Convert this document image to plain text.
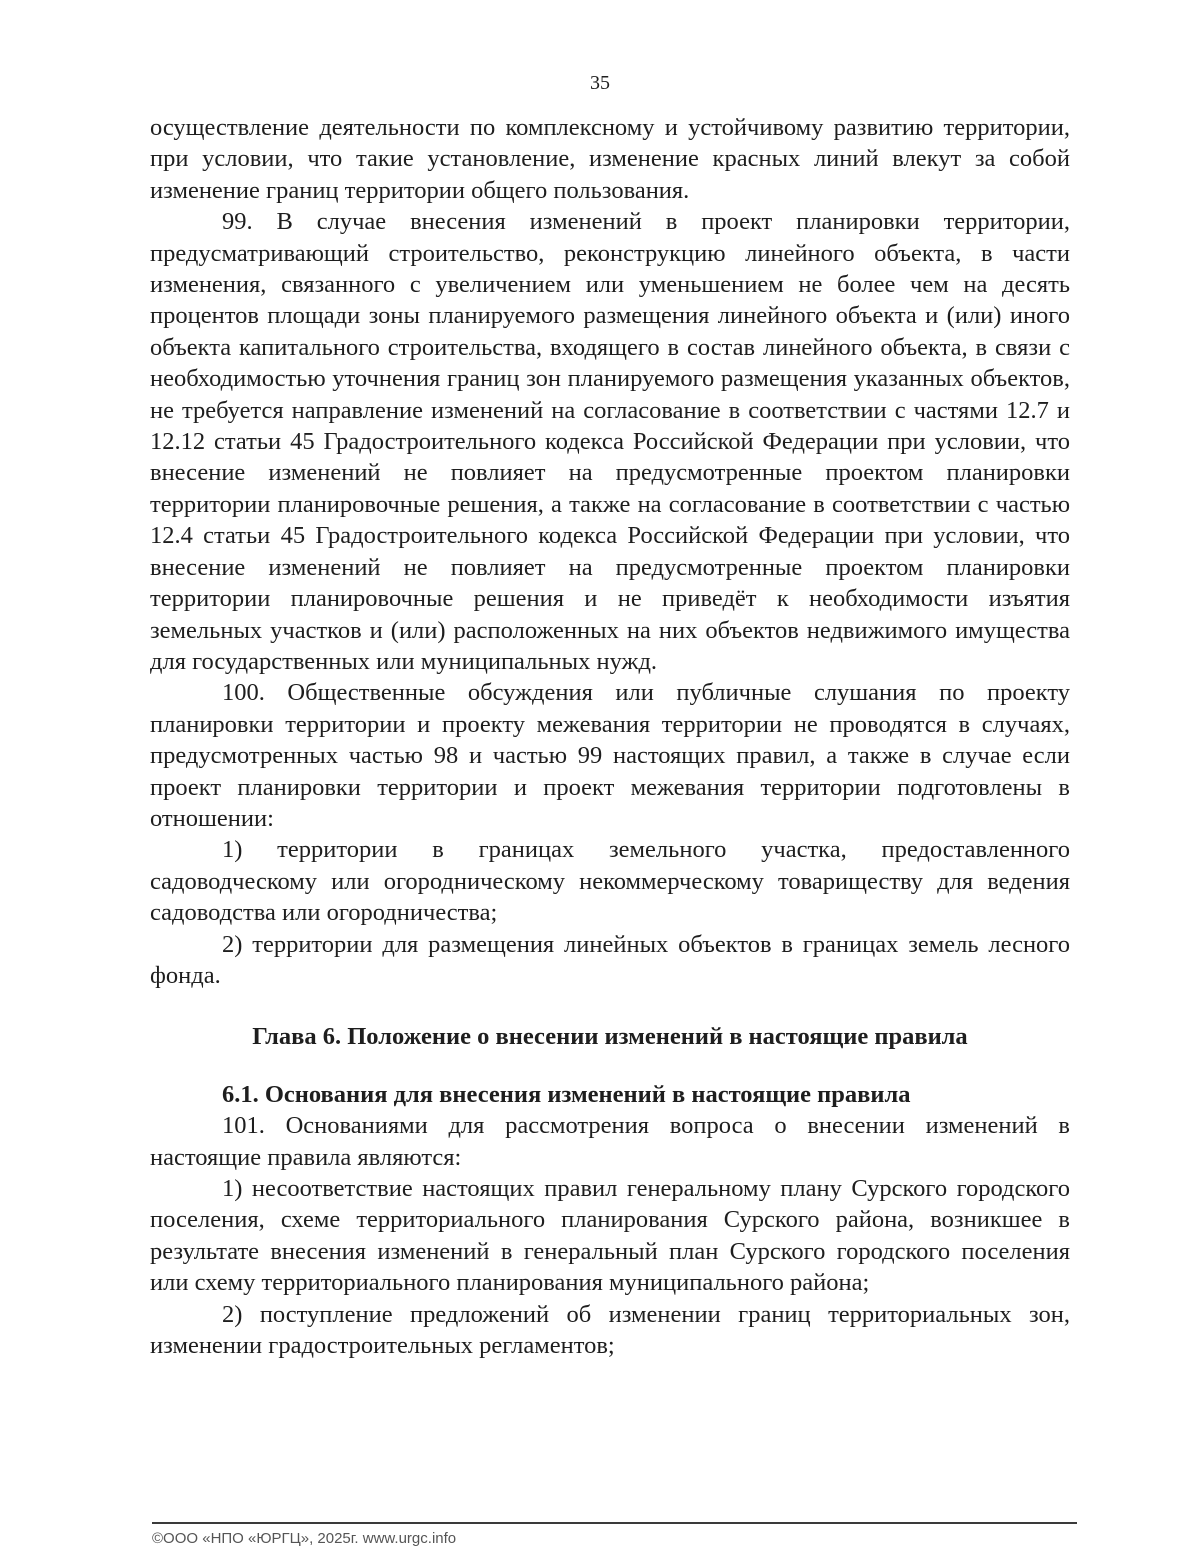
35

осуществление деятельности по комплексному и устойчивому развитию территории, при условии, что такие установление, изменение красных линий влекут за собой изменение границ территории общего пользования.

99. В случае внесения изменений в проект планировки территории, предусматривающий строительство, реконструкцию линейного объекта, в части изменения, связанного с увеличением или уменьшением не более чем на десять процентов площади зоны планируемого размещения линейного объекта и (или) иного объекта капитального строительства, входящего в состав линейного объекта, в связи с необходимостью уточнения границ зон планируемого размещения указанных объектов, не требуется направление изменений на согласование в соответствии с частями 12.7 и 12.12 статьи 45 Градостроительного кодекса Российской Федерации при условии, что внесение изменений не повлияет на предусмотренные проектом планировки территории планировочные решения, а также на согласование в соответствии с частью 12.4 статьи 45 Градостроительного кодекса Российской Федерации при условии, что внесение изменений не повлияет на предусмотренные проектом планировки территории планировочные решения и не приведёт к необходимости изъятия земельных участков и (или) расположенных на них объектов недвижимого имущества для государственных или муниципальных нужд.

100. Общественные обсуждения или публичные слушания по проекту планировки территории и проекту межевания территории не проводятся в случаях, предусмотренных частью 98 и частью 99 настоящих правил, а также в случае если проект планировки территории и проект межевания территории подготовлены в отношении:

1) территории в границах земельного участка, предоставленного садоводческому или огородническому некоммерческому товариществу для ведения садоводства или огородничества;

2) территории для размещения линейных объектов в границах земель лесного фонда.

Глава 6. Положение о внесении изменений в настоящие правила

6.1. Основания для внесения изменений в настоящие правила

101. Основаниями для рассмотрения вопроса о внесении изменений в настоящие правила являются:

1) несоответствие настоящих правил генеральному плану Сурского городского поселения, схеме территориального планирования Сурского района, возникшее в результате внесения изменений в генеральный план Сурского городского поселения или схему территориального планирования муниципального района;

2) поступление предложений об изменении границ территориальных зон, изменении градостроительных регламентов;

©ООО «НПО «ЮРГЦ», 2025г. www.urgc.info
